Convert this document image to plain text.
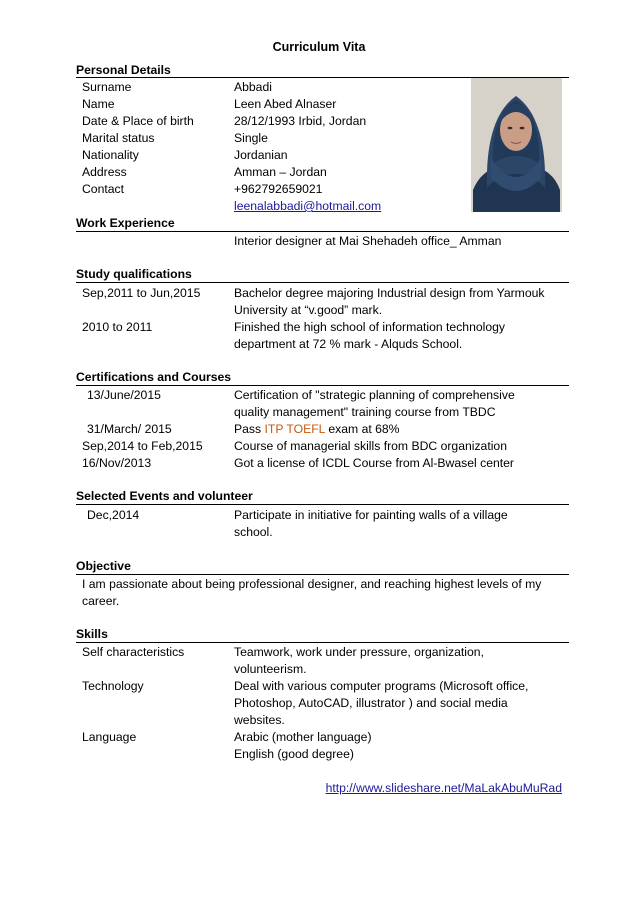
Curriculum Vita
Personal Details
Surname	Abbadi
Name	Leen Abed Alnaser
Date & Place of birth	28/12/1993 Irbid, Jordan
Marital status	Single
Nationality	Jordanian
Address	Amman – Jordan
Contact	+962792659021
leenalabbadi@hotmail.com
Work Experience
Interior designer at Mai Shehadeh office_ Amman
Study qualifications
Sep,2011 to Jun,2015	Bachelor degree majoring Industrial design from Yarmouk
University at “v.good” mark.
2010 to 2011	Finished the high school of information technology
department at 72 % mark - Alquds School.
Certifications and Courses
13/June/2015	Certification of "strategic planning of comprehensive
quality management" training course from TBDC
31/March/ 2015	Pass ITP TOEFL exam at 68%
Sep,2014 to Feb,2015	Course of managerial skills from BDC organization
16/Nov/2013	Got a license of ICDL Course from Al-Bwasel center
Selected Events and volunteer
Dec,2014	Participate in initiative for painting walls of a village
school.
Objective
I am passionate about being professional designer, and reaching highest levels of my
career.
Skills
Self characteristics	Teamwork, work under pressure, organization,
volunteerism.
Technology	Deal with various computer programs (Microsoft office,
Photoshop, AutoCAD, illustrator ) and social media
websites.
Language	Arabic (mother language)
English (good degree)
http://www.slideshare.net/MaLakAbuMuRad
